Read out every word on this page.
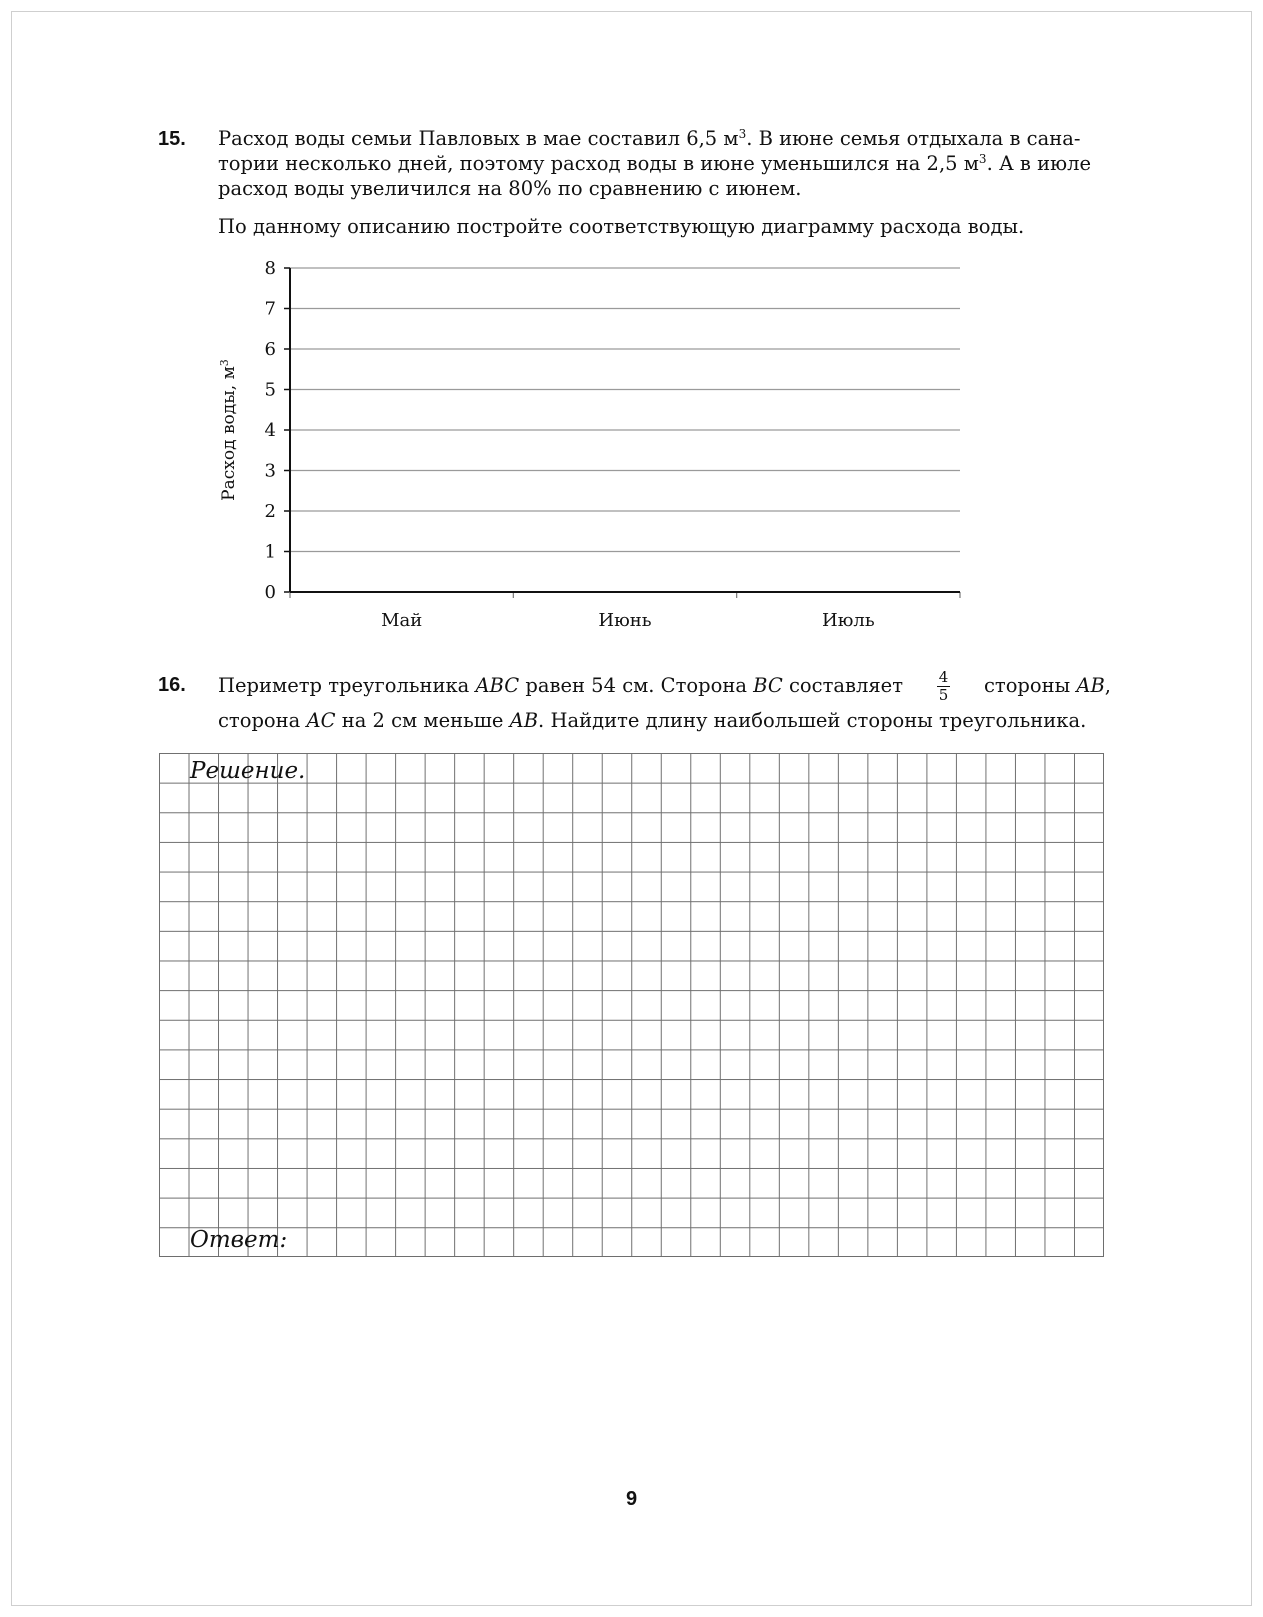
15. Расход воды семьи Павловых в мае составил 6,5 $м^3$. В июне семья отдыхала в сана-

тории несколько дней, поэтому расход воды в июне уменьшился на 2,5 $м^3$. А в июле

расход воды увеличился на 80% по сравнению с июнем.

По данному описанию постройте соответствующую диаграмму расхода воды.

0
1
2
3
4
5
6
7
8
Май	Июнь	Июль
Расход воды, $м^3$
16. Периметр треугольника ABC равен 54 см. Сторона BC составляет $\frac{4}{5}$ стороны AB,

сторона AC на 2 см меньше AB. Найдите длину наибольшей стороны треугольника.

Решение.
Ответ:
9
